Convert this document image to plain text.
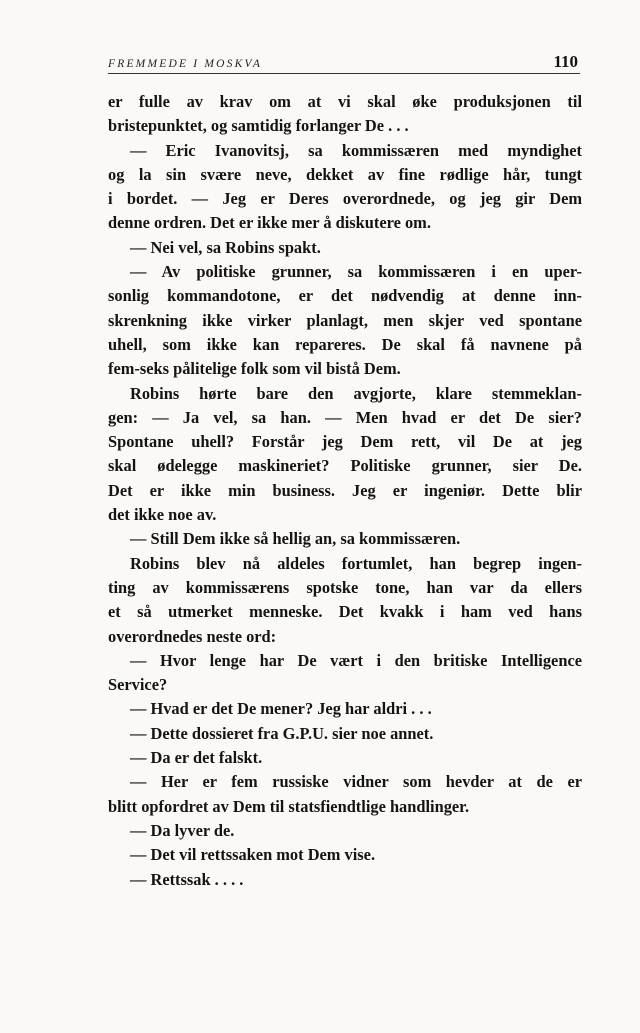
FREMMEDE I MOSKVA	110
er fulle av krav om at vi skal øke produksjonen til
bristepunktet, og samtidig forlanger De . . .
— Eric Ivanovitsj, sa kommissæren med myndighet
og la sin svære neve, dekket av fine rødlige hår, tungt
i bordet. — Jeg er Deres overordnede, og jeg gir Dem
denne ordren. Det er ikke mer å diskutere om.
— Nei vel, sa Robins spakt.
— Av politiske grunner, sa kommissæren i en uper-
sonlig kommandotone, er det nødvendig at denne inn-
skrenkning ikke virker planlagt, men skjer ved spontane
uhell, som ikke kan repareres. De skal få navnene på
fem-seks pålitelige folk som vil bistå Dem.
Robins hørte bare den avgjorte, klare stemmeklan-
gen: — Ja vel, sa han. — Men hvad er det De sier?
Spontane uhell? Forstår jeg Dem rett, vil De at jeg
skal ødelegge maskineriet? Politiske grunner, sier De.
Det er ikke min business. Jeg er ingeniør. Dette blir
det ikke noe av.
— Still Dem ikke så hellig an, sa kommissæren.
Robins blev nå aldeles fortumlet, han begrep ingen-
ting av kommissærens spotske tone, han var da ellers
et så utmerket menneske. Det kvakk i ham ved hans
overordnedes neste ord:
— Hvor lenge har De vært i den britiske Intelligence
Service?
— Hvad er det De mener? Jeg har aldri . . .
— Dette dossieret fra G.P.U. sier noe annet.
— Da er det falskt.
— Her er fem russiske vidner som hevder at de er
blitt opfordret av Dem til statsfiendtlige handlinger.
— Da lyver de.
— Det vil rettssaken mot Dem vise.
— Rettssak . . . .
